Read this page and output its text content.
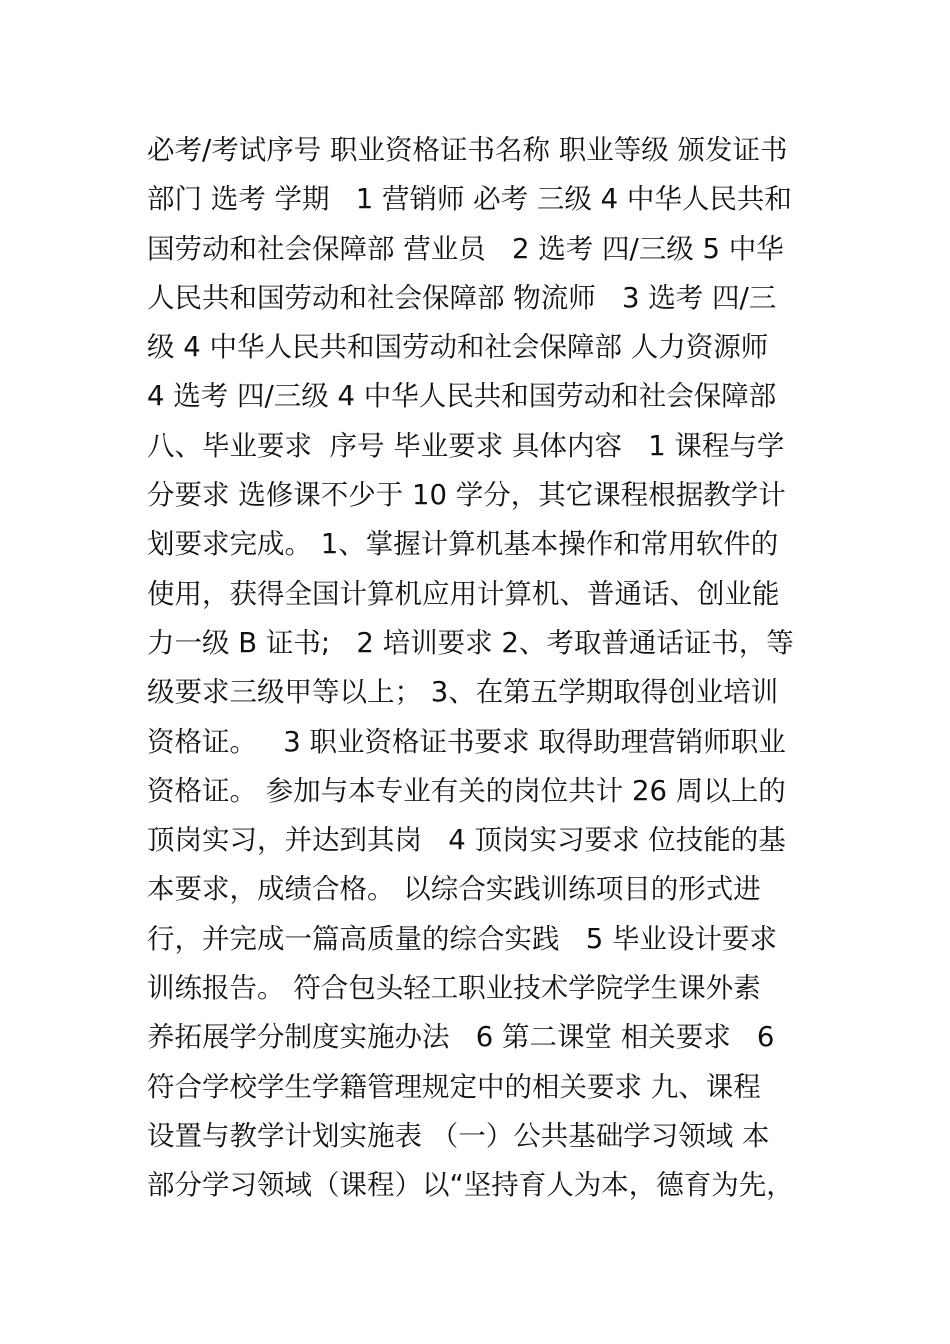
必考/考试序号 职业资格证书名称 职业等级 颁发证书
部门 选考 学期   1 营销师 必考 三级 4 中华人民共和
国劳动和社会保障部 营业员   2 选考 四/三级 5 中华
人民共和国劳动和社会保障部 物流师   3 选考 四/三
级 4 中华人民共和国劳动和社会保障部 人力资源师
4 选考 四/三级 4 中华人民共和国劳动和社会保障部
八、毕业要求  序号 毕业要求 具体内容   1 课程与学
分要求 选修课不少于 10 学分，其它课程根据教学计
划要求完成。 1、掌握计算机基本操作和常用软件的
使用，获得全国计算机应用计算机、普通话、创业能
力一级 B 证书;   2 培训要求 2、考取普通话证书，等
级要求三级甲等以上； 3、在第五学期取得创业培训
资格证。   3 职业资格证书要求 取得助理营销师职业
资格证。 参加与本专业有关的岗位共计 26 周以上的
顶岗实习，并达到其岗   4 顶岗实习要求 位技能的基
本要求，成绩合格。 以综合实践训练项目的形式进
行，并完成一篇高质量的综合实践   5 毕业设计要求
训练报告。 符合包头轻工职业技术学院学生课外素
养拓展学分制度实施办法   6 第二课堂 相关要求   6
符合学校学生学籍管理规定中的相关要求 九、课程
设置与教学计划实施表 （一）公共基础学习领域 本
部分学习领域（课程）以“坚持育人为本，德育为先，
